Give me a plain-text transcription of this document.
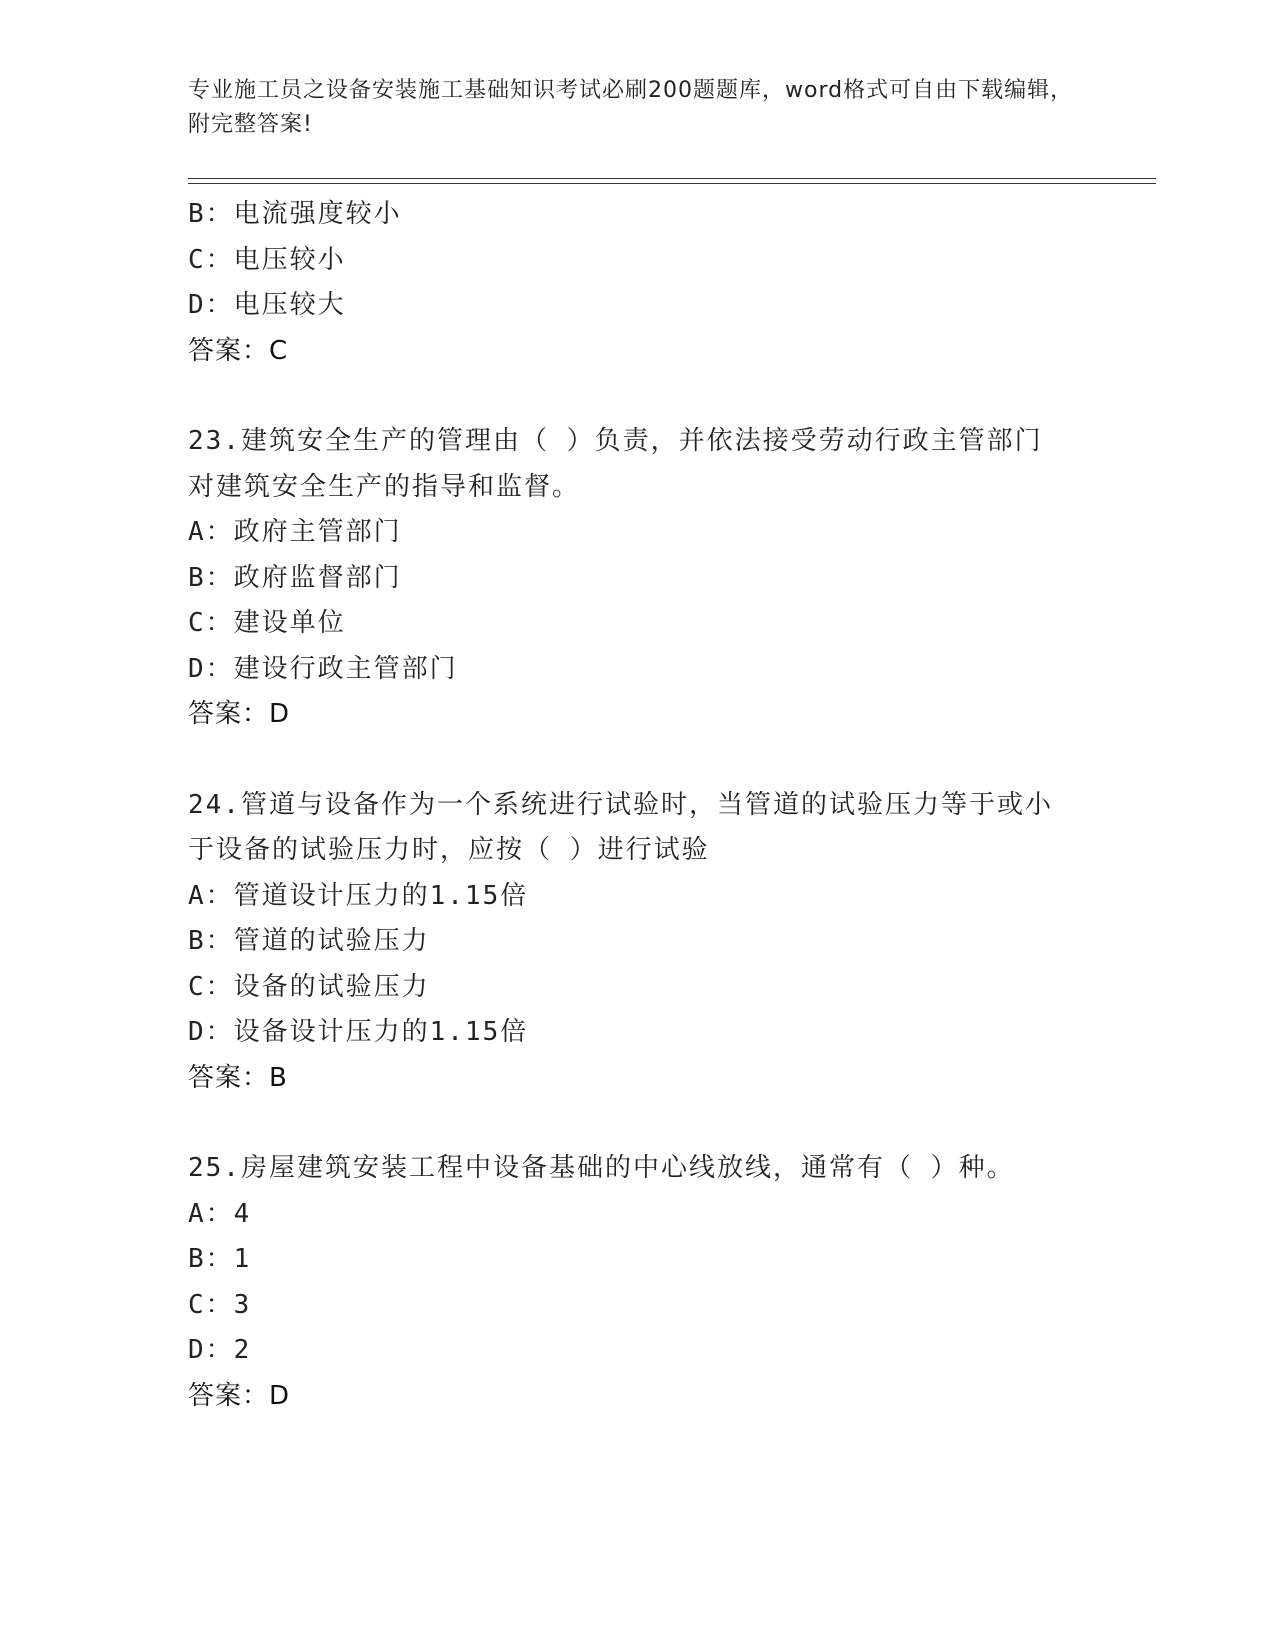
专业施工员之设备安装施工基础知识考试必刷200题题库，word格式可自由下载编辑，附完整答案!
B：电流强度较小
C：电压较小
D：电压较大
答案：C
23.建筑安全生产的管理由（ ）负责，并依法接受劳动行政主管部门对建筑安全生产的指导和监督。
A：政府主管部门
B：政府监督部门
C：建设单位
D：建设行政主管部门
答案：D
24.管道与设备作为一个系统进行试验时，当管道的试验压力等于或小于设备的试验压力时，应按（ ）进行试验
A：管道设计压力的1.15倍
B：管道的试验压力
C：设备的试验压力
D：设备设计压力的1.15倍
答案：B
25.房屋建筑安装工程中设备基础的中心线放线，通常有（ ）种。
A：4
B：1
C：3
D：2
答案：D
